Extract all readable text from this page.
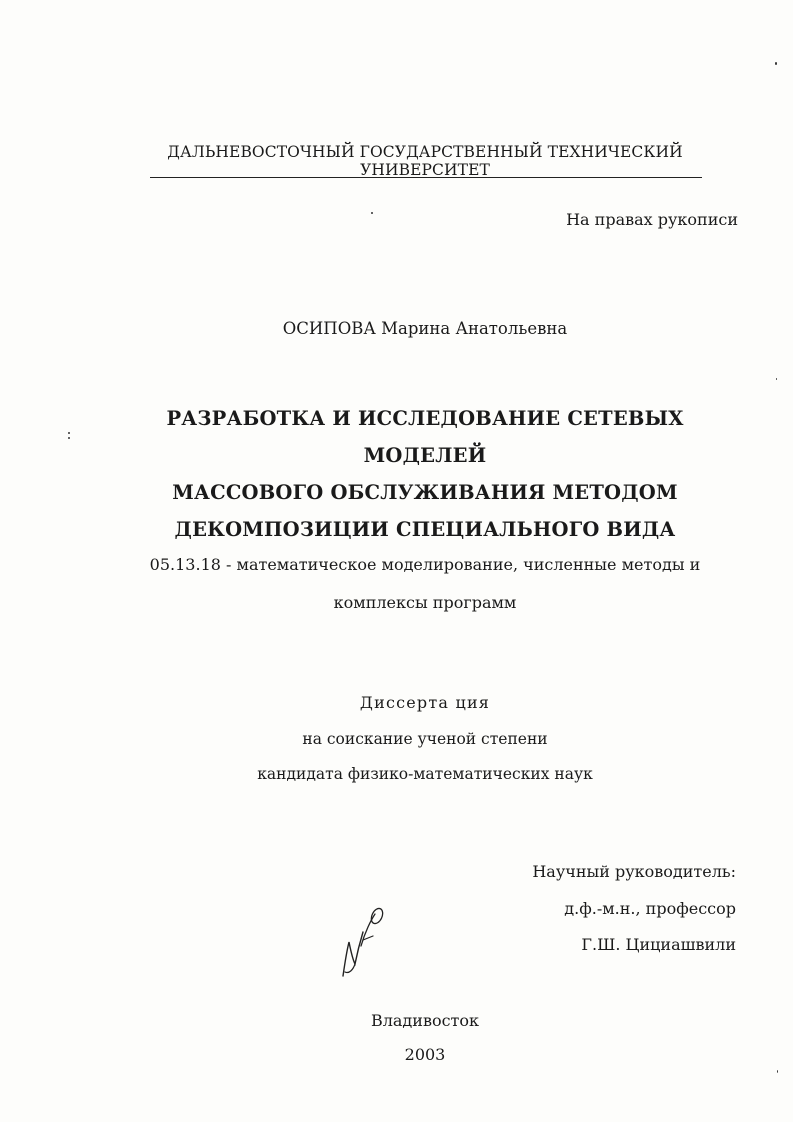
ДАЛЬНЕВОСТОЧНЫЙ ГОСУДАРСТВЕННЫЙ ТЕХНИЧЕСКИЙ УНИВЕРСИТЕТ
На правах рукописи
ОСИПОВА Марина Анатольевна
РАЗРАБОТКА И ИССЛЕДОВАНИЕ СЕТЕВЫХ МОДЕЛЕЙ
МАССОВОГО ОБСЛУЖИВАНИЯ МЕТОДОМ
ДЕКОМПОЗИЦИИ СПЕЦИАЛЬНОГО ВИДА
05.13.18 - математическое моделирование, численные методы и
комплексы программ
Диссерта ция
на соискание ученой степени
кандидата физико-математических наук
Научный руководитель:
д.ф.-м.н., профессор
Г.Ш. Цициашвили
Владивосток
2003
